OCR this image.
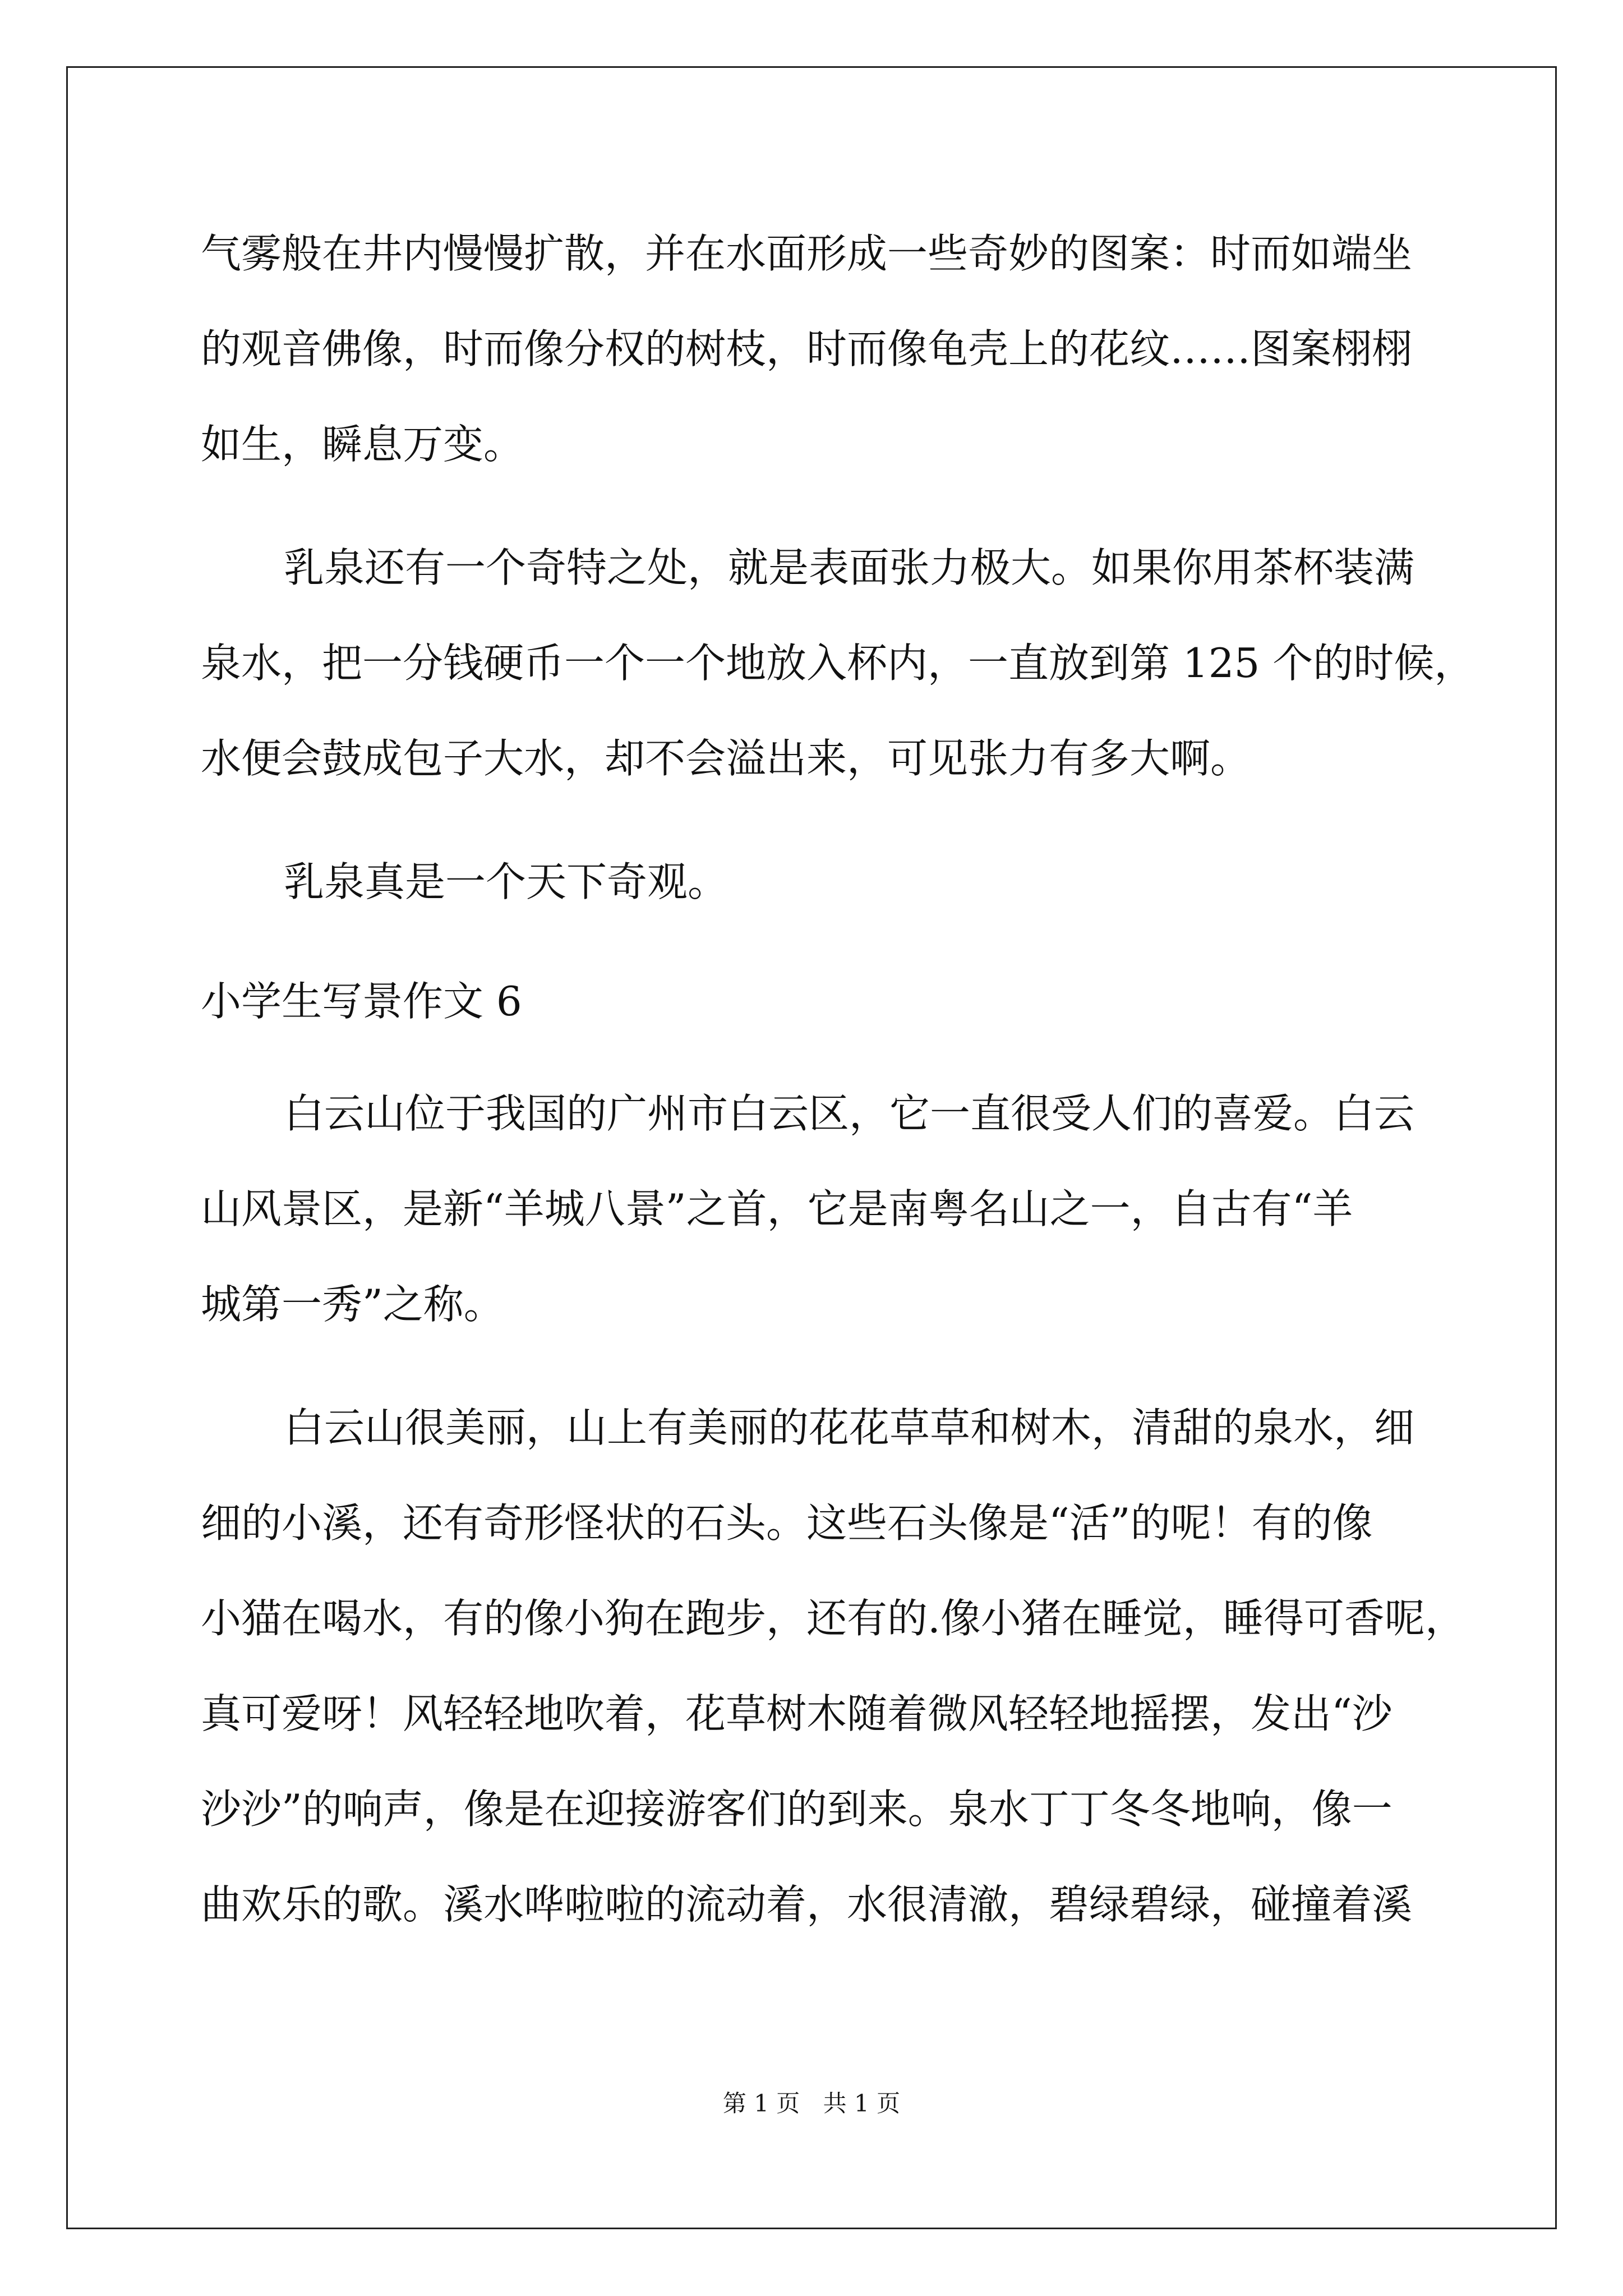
气雾般在井内慢慢扩散，并在水面形成一些奇妙的图案：时而如端坐
的观音佛像，时而像分权的树枝，时而像龟壳上的花纹……图案栩栩
如生，瞬息万变。
乳泉还有一个奇特之处，就是表面张力极大。如果你用茶杯装满
泉水，把一分钱硬币一个一个地放入杯内，一直放到第 125 个的时候，
水便会鼓成包子大水，却不会溢出来，可见张力有多大啊。
乳泉真是一个天下奇观。
小学生写景作文 6
白云山位于我国的广州市白云区，它一直很受人们的喜爱。白云
山风景区，是新“羊城八景”之首，它是南粤名山之一，自古有“羊
城第一秀”之称。
白云山很美丽，山上有美丽的花花草草和树木，清甜的泉水，细
细的小溪，还有奇形怪状的石头。这些石头像是“活”的呢！有的像
小猫在喝水，有的像小狗在跑步，还有的.像小猪在睡觉，睡得可香呢，
真可爱呀！风轻轻地吹着，花草树木随着微风轻轻地摇摆，发出“沙
沙沙”的响声，像是在迎接游客们的到来。泉水丁丁冬冬地响，像一
曲欢乐的歌。溪水哗啦啦的流动着，水很清澈，碧绿碧绿，碰撞着溪
第 1 页 共 1 页
